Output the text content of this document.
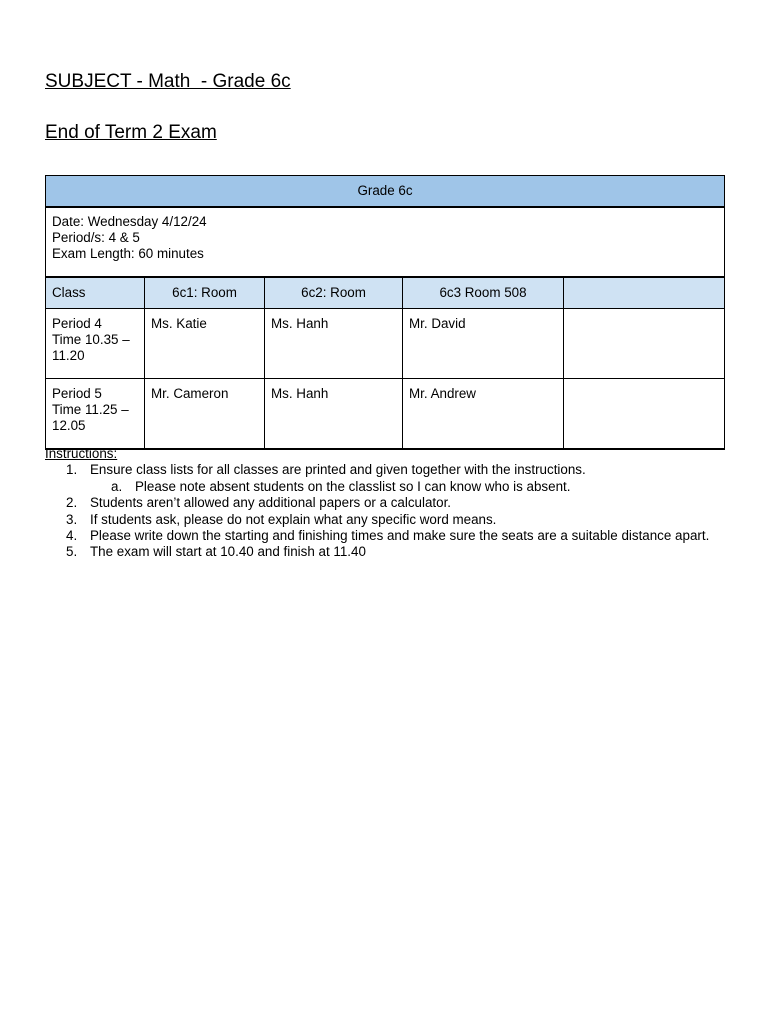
SUBJECT - Math  - Grade 6c
End of Term 2 Exam
Grade 6c				
Date: Wednesday 4/12/24
Period/s: 4 & 5
Exam Length: 60 minutes				
Class	6c1: Room	6c2: Room	6c3 Room 508	
Period 4
Time 10.35 –
11.20	Ms. Katie	Ms. Hanh	Mr. David	
Period 5
Time 11.25 –
12.05	Mr. Cameron	Ms. Hanh	Mr. Andrew	
Instructions:
1. Ensure class lists for all classes are printed and given together with the instructions.
a. Please note absent students on the classlist so I can know who is absent.
2. Students aren’t allowed any additional papers or a calculator.
3. If students ask, please do not explain what any specific word means.
4. Please write down the starting and finishing times and make sure the seats are a suitable distance apart.
5. The exam will start at 10.40 and finish at 11.40
